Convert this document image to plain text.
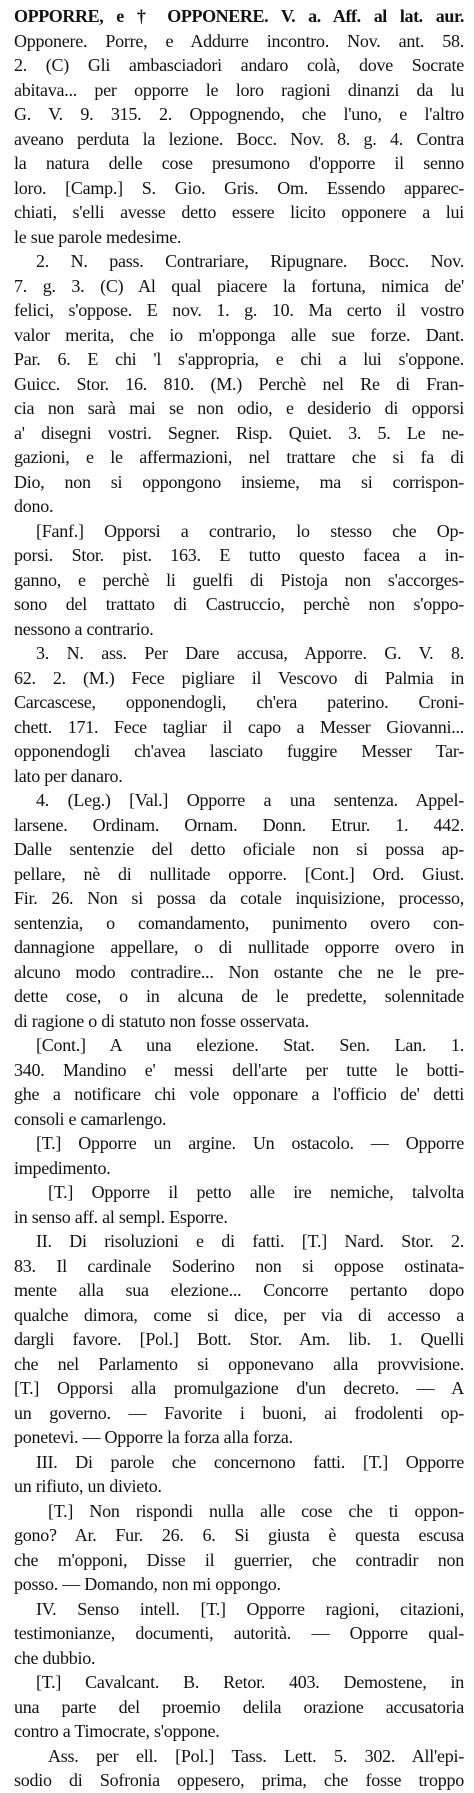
OPPORRE, e † OPPONERE. V. a. Aff. al lat. aur.
Opponere. Porre, e Addurre incontro. Nov. ant. 58.
2. (C) Gli ambasciadori andaro colà, dove Socrate
abitava... per opporre le loro ragioni dinanzi da lu
G. V. 9. 315. 2. Oppognendo, che l'uno, e l'altro
aveano perduta la lezione. Bocc. Nov. 8. g. 4. Contra
la natura delle cose presumono d'opporre il senno
loro. [Camp.] S. Gio. Gris. Om. Essendo apparec-
chiati, s'elli avesse detto essere licito opponere a lui
le sue parole medesime.
2. N. pass. Contrariare, Ripugnare. Bocc. Nov.
7. g. 3. (C) Al qual piacere la fortuna, nimica de'
felici, s'oppose. E nov. 1. g. 10. Ma certo il vostro
valor merita, che io m'opponga alle sue forze. Dant.
Par. 6. E chi 'l s'appropria, e chi a lui s'oppone.
Guicc. Stor. 16. 810. (M.) Perchè nel Re di Fran-
cia non sarà mai se non odio, e desiderio di opporsi
a' disegni vostri. Segner. Risp. Quiet. 3. 5. Le ne-
gazioni, e le affermazioni, nel trattare che si fa di
Dio, non si oppongono insieme, ma si corrispon-
dono.
[Fanf.] Opporsi a contrario, lo stesso che Op-
porsi. Stor. pist. 163. E tutto questo facea a in-
ganno, e perchè li guelfi di Pistoja non s'accorges-
sono del trattato di Castruccio, perchè non s'oppo-
nessono a contrario.
3. N. ass. Per Dare accusa, Apporre. G. V. 8.
62. 2. (M.) Fece pigliare il Vescovo di Palmia in
Carcascese, opponendogli, ch'era paterino. Croni-
chett. 171. Fece tagliar il capo a Messer Giovanni...
opponendogli ch'avea lasciato fuggire Messer Tar-
lato per danaro.
4. (Leg.) [Val.] Opporre a una sentenza. Appel-
larsene. Ordinam. Ornam. Donn. Etrur. 1. 442.
Dalle sentenzie del detto oficiale non si possa ap-
pellare, nè di nullitade opporre. [Cont.] Ord. Giust.
Fir. 26. Non si possa da cotale inquisizione, processo,
sentenzia, o comandamento, punimento overo con-
dannagione appellare, o di nullitade opporre overo in
alcuno modo contradire... Non ostante che ne le pre-
dette cose, o in alcuna de le predette, solennitade
di ragione o di statuto non fosse osservata.
[Cont.] A una elezione. Stat. Sen. Lan. 1.
340. Mandino e' messi dell'arte per tutte le botti-
ghe a notificare chi vole opponare a l'officio de' detti
consoli e camarlengo.
[T.] Opporre un argine. Un ostacolo. — Opporre
impedimento.
[T.] Opporre il petto alle ire nemiche, talvolta
in senso aff. al sempl. Esporre.
II. Di risoluzioni e di fatti. [T.] Nard. Stor. 2.
83. Il cardinale Soderino non si oppose ostinata-
mente alla sua elezione... Concorre pertanto dopo
qualche dimora, come si dice, per via di accesso a
dargli favore. [Pol.] Bott. Stor. Am. lib. 1. Quelli
che nel Parlamento si opponevano alla provvisione.
[T.] Opporsi alla promulgazione d'un decreto. — A
un governo. — Favorite i buoni, ai frodolenti op-
ponetevi. — Opporre la forza alla forza.
III. Di parole che concernono fatti. [T.] Opporre
un rifiuto, un divieto.
[T.] Non rispondi nulla alle cose che ti oppon-
gono? Ar. Fur. 26. 6. Si giusta è questa escusa
che m'opponi, Disse il guerrier, che contradir non
posso. — Domando, non mi oppongo.
IV. Senso intell. [T.] Opporre ragioni, citazioni,
testimonianze, documenti, autorità. — Opporre qual-
che dubbio.
[T.] Cavalcant. B. Retor. 403. Demostene, in
una parte del proemio delila orazione accusatoria
contro a Timocrate, s'oppone.
Ass. per ell. [Pol.] Tass. Lett. 5. 302. All'epi-
sodio di Sofronia oppesero, prima, che fosse troppo
